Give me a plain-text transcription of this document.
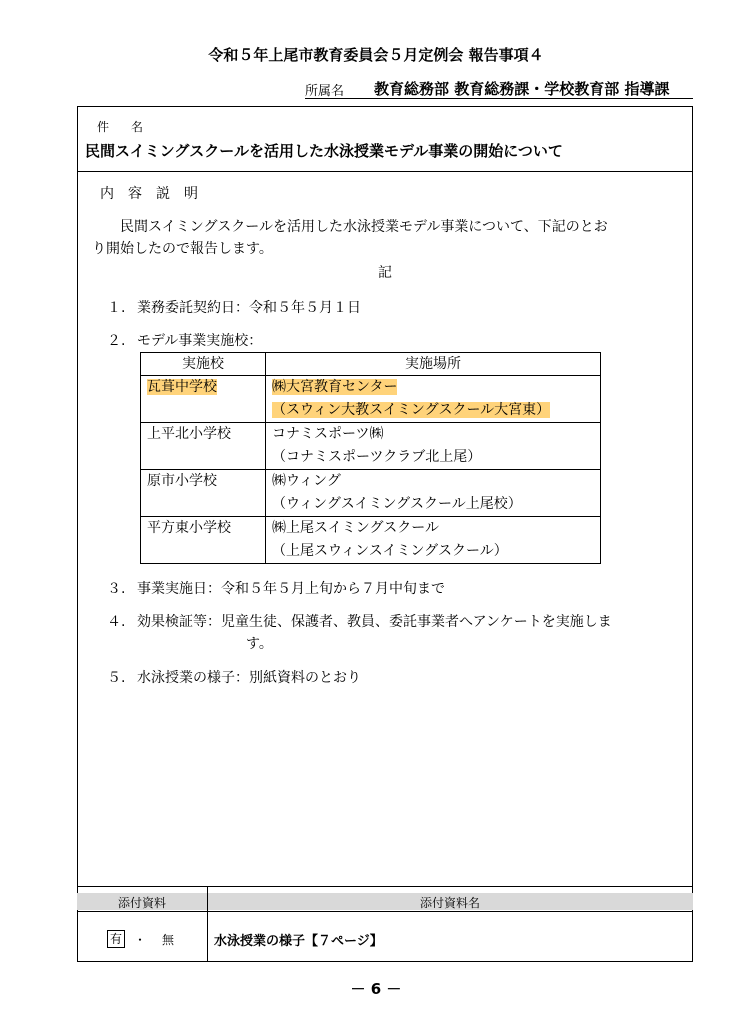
令和５年上尾市教育委員会５月定例会 報告事項４
所属名 教育総務部 教育総務課・学校教育部 指導課
件名
民間スイミングスクールを活用した水泳授業モデル事業の開始について
内容説明
民間スイミングスクールを活用した水泳授業モデル事業について、下記のとお
り開始したので報告します。
記
１. 業務委託契約日：令和５年５月１日
２. モデル事業実施校：
実施校	実施場所
瓦葺中学校	㈱大宮教育センター
（スウィン大教スイミングスクール大宮東）
上平北小学校	コナミスポーツ㈱
（コナミスポーツクラブ北上尾）
原市小学校	㈱ウィング
（ウィングスイミングスクール上尾校）
平方東小学校	㈱上尾スイミングスクール
（上尾スウィンスイミングスクール）
３. 事業実施日：令和５年５月上旬から７月中旬まで
４. 効果検証等：児童生徒、保護者、教員、委託事業者へアンケートを実施しま
す。
５. 水泳授業の様子：別紙資料のとおり
添付資料	添付資料名
有 ・ 無	水泳授業の様子【７ページ】
－ 6 －
